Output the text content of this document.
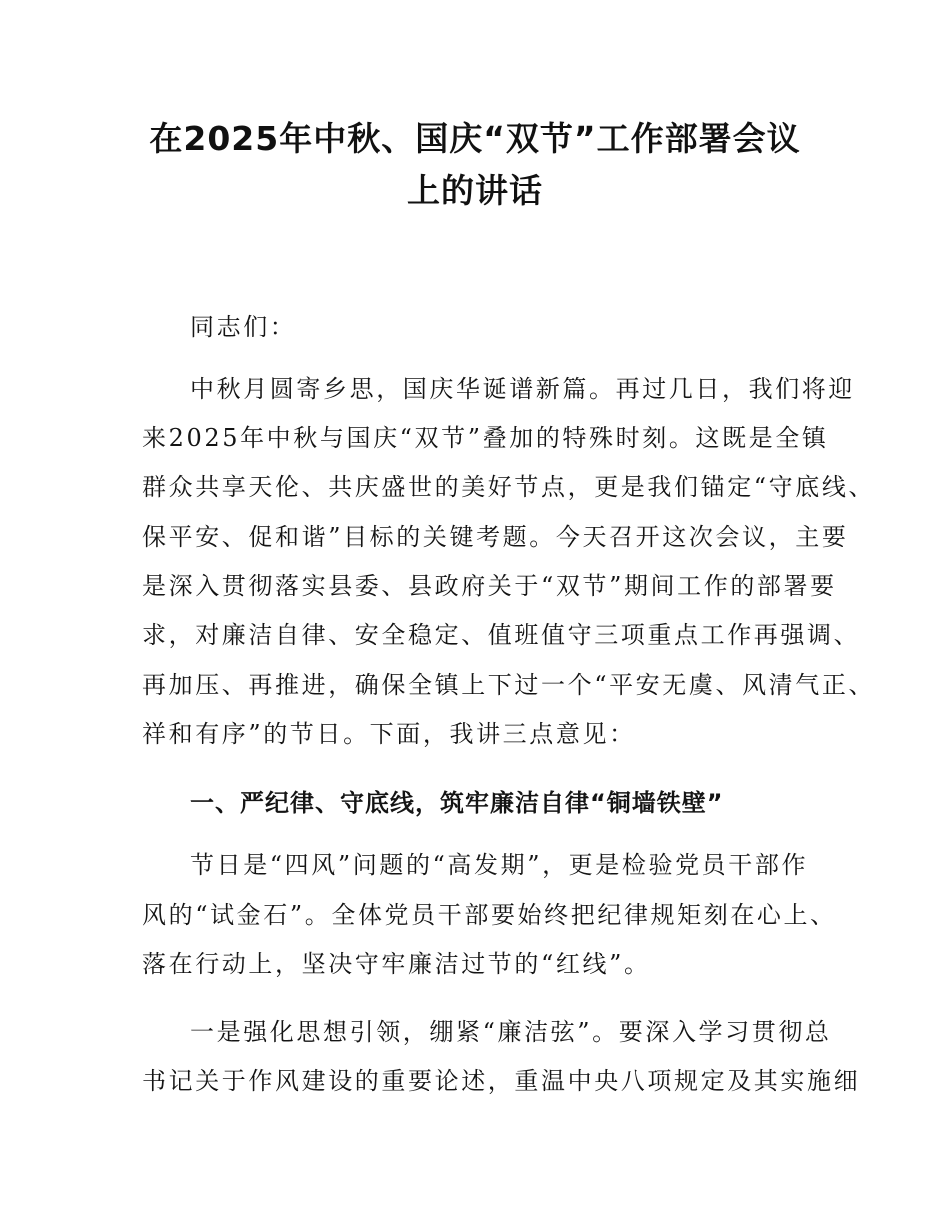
在2025年中秋、国庆“双节”工作部署会议
上的讲话
同志们：
中秋月圆寄乡思，国庆华诞谱新篇。再过几日，我们将迎
来2025年中秋与国庆“双节”叠加的特殊时刻。这既是全镇
群众共享天伦、共庆盛世的美好节点，更是我们锚定“守底线、
保平安、促和谐”目标的关键考题。今天召开这次会议，主要
是深入贯彻落实县委、县政府关于“双节”期间工作的部署要
求，对廉洁自律、安全稳定、值班值守三项重点工作再强调、
再加压、再推进，确保全镇上下过一个“平安无虞、风清气正、
祥和有序”的节日。下面，我讲三点意见：
一、严纪律、守底线，筑牢廉洁自律“铜墙铁壁”
节日是“四风”问题的“高发期”，更是检验党员干部作
风的“试金石”。全体党员干部要始终把纪律规矩刻在心上、
落在行动上，坚决守牢廉洁过节的“红线”。
一是强化思想引领，绷紧“廉洁弦”。要深入学习贯彻总
书记关于作风建设的重要论述，重温中央八项规定及其实施细
